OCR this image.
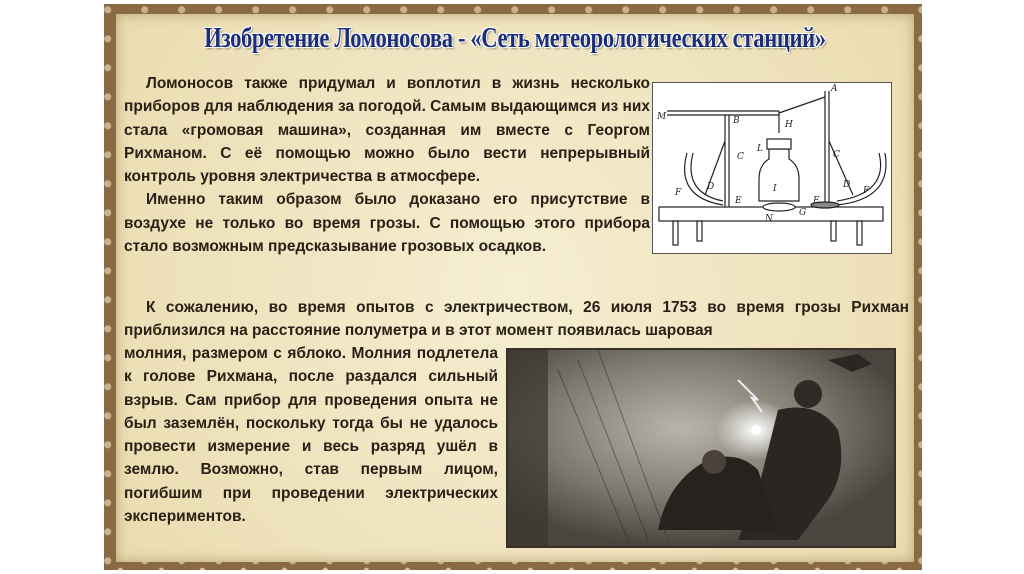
Изобретение Ломоносова - «Сеть метеорологических станций»

Ломоносов также придумал и воплотил в жизнь несколько приборов для наблюдения за погодой. Самым выдающимся из них стала «громовая машина», созданная им вместе с Георгом Рихманом. С её помощью можно было вести непрерывный контроль уровня электричества в атмосфере.

Именно таким образом было доказано его присутствие в воздухе не только во время грозы. С помощью этого прибора стало возможным предсказывание грозовых осадков.

A
B
M
H
L
C	C
F	F
D	D
E	E
I
N
G

К сожалению, во время опытов с электричеством, 26 июля 1753 во время грозы Рихман приблизился на расстояние полуметра и в этот момент появилась шаровая

молния, размером с яблоко. Молния подлетела к голове Рихмана, после раздался сильный взрыв. Сам прибор для проведения опыта не был заземлён, поскольку тогда бы не удалось провести измерение и весь разряд ушёл в землю. Возможно, став первым лицом, погибшим при проведении электрических экспериментов.
